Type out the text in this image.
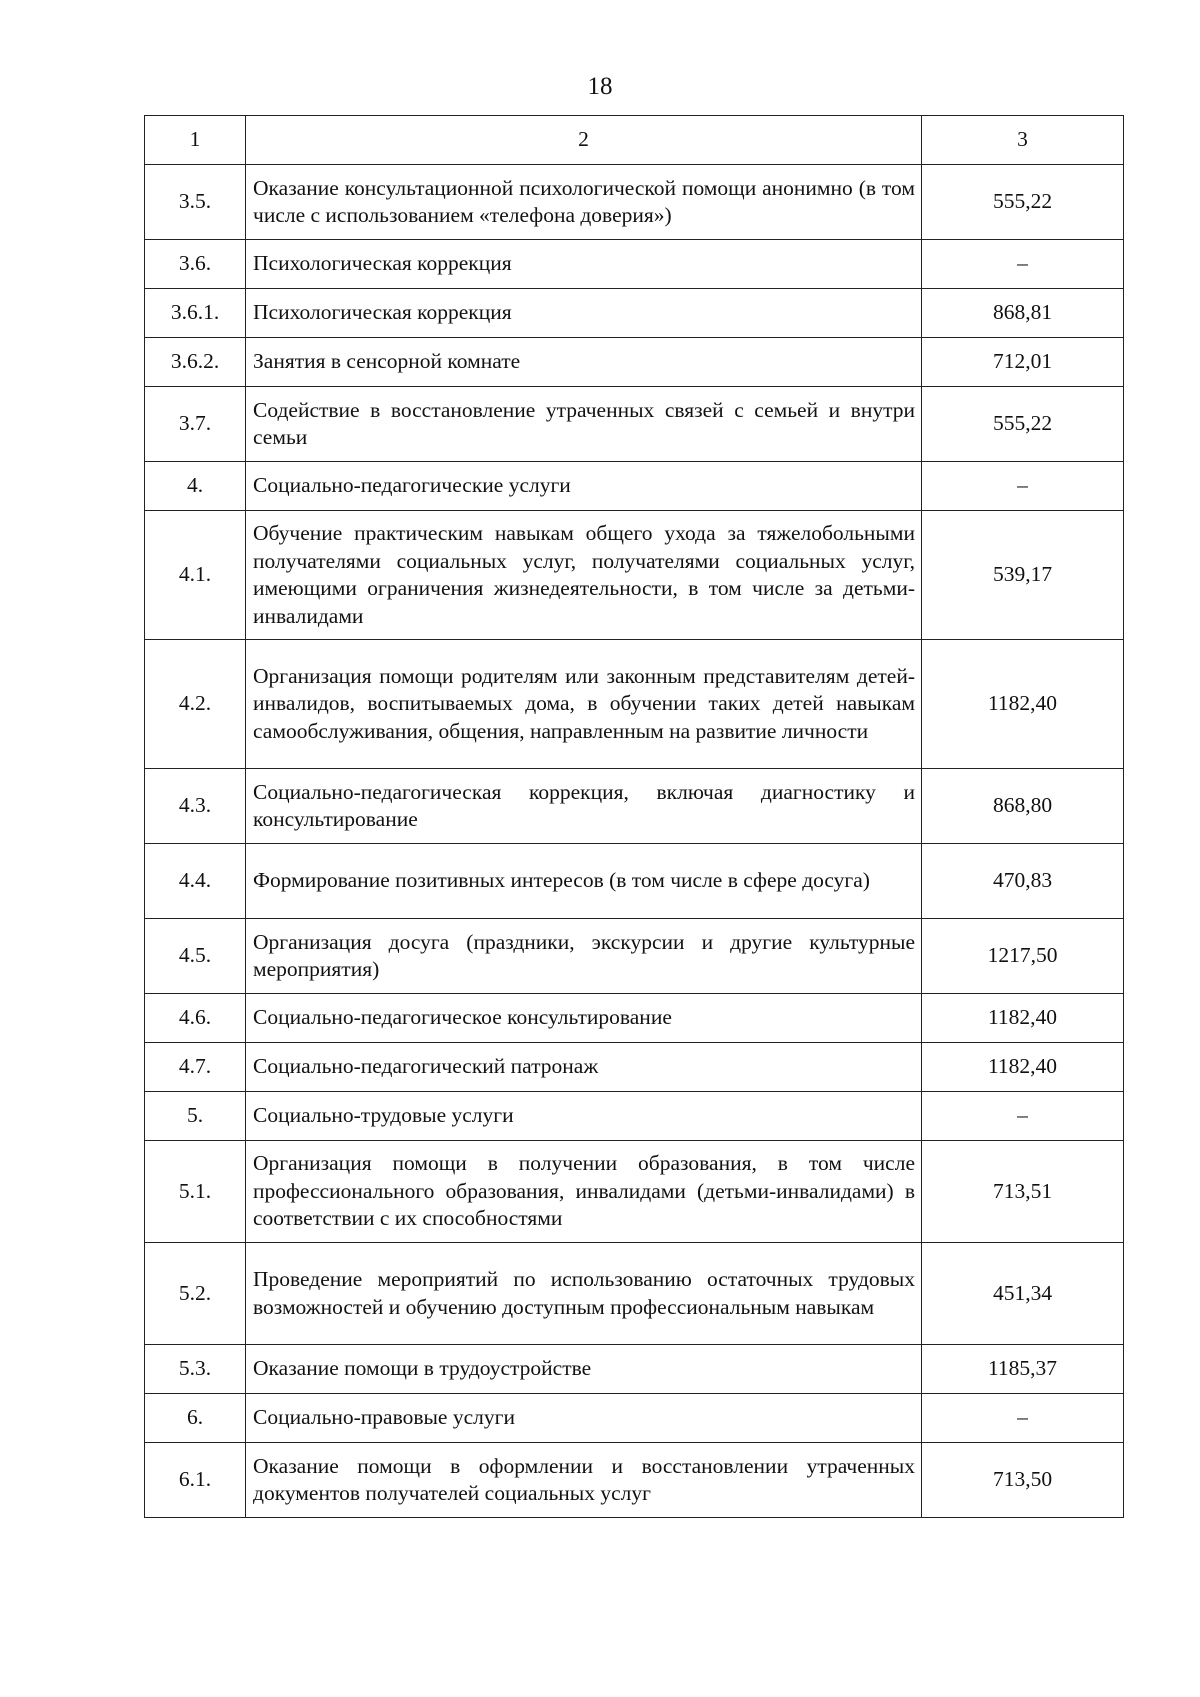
18
1	2	3
3.5.	Оказание консультационной психологической помощи анонимно (в том числе с использованием «телефона доверия»)	555,22
3.6.	Психологическая коррекция	–
3.6.1.	Психологическая коррекция	868,81
3.6.2.	Занятия в сенсорной комнате	712,01
3.7.	Содействие в восстановление утраченных связей с семьей и внутри семьи	555,22
4.	Социально-педагогические услуги	–
4.1.	Обучение практическим навыкам общего ухода за тяжелобольными получателями социальных услуг, получателями социальных услуг, имеющими ограничения жизнедеятельности, в том числе за детьми-инвалидами	539,17
4.2.	Организация помощи родителям или законным представителям детей-инвалидов, воспитываемых дома, в обучении таких детей навыкам самообслуживания, общения, направленным на развитие личности	1182,40
4.3.	Социально-педагогическая коррекция, включая диагностику и консультирование	868,80
4.4.	Формирование позитивных интересов (в том числе в сфере досуга)	470,83
4.5.	Организация досуга (праздники, экскурсии и другие культурные мероприятия)	1217,50
4.6.	Социально-педагогическое консультирование	1182,40
4.7.	Социально-педагогический патронаж	1182,40
5.	Социально-трудовые услуги	–
5.1.	Организация помощи в получении образования, в том числе профессионального образования, инвалидами (детьми-инвалидами) в соответствии с их способностями	713,51
5.2.	Проведение мероприятий по использованию остаточных трудовых возможностей и обучению доступным профессиональным навыкам	451,34
5.3.	Оказание помощи в трудоустройстве	1185,37
6.	Социально-правовые услуги	–
6.1.	Оказание помощи в оформлении и восстановлении утраченных документов получателей социальных услуг	713,50
